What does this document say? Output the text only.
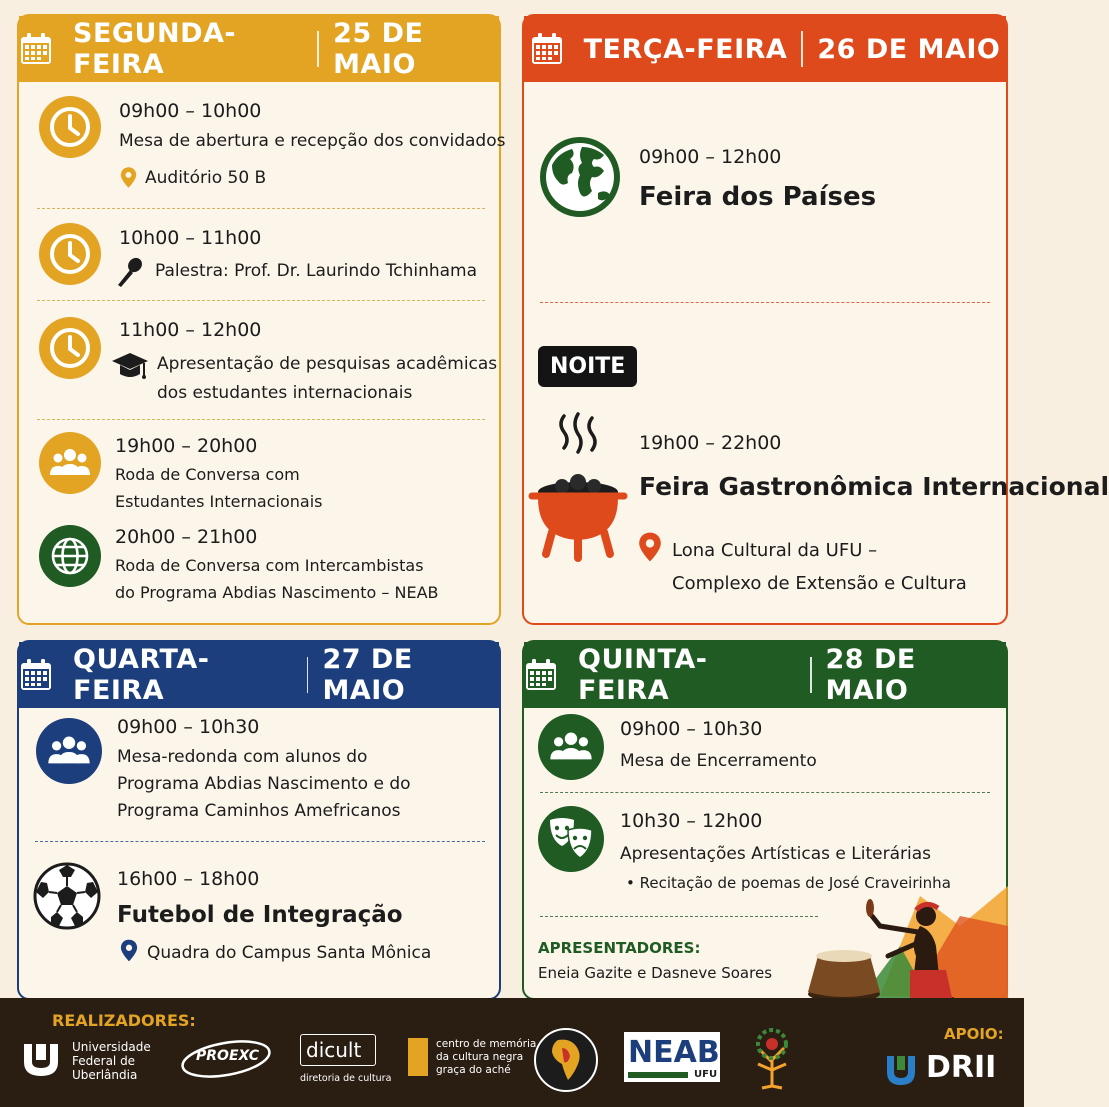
SEGUNDA-FEIRA
25 DE MAIO
09h00 – 10h00
Mesa de abertura e recepção dos convidados
Auditório 50 B
10h00 – 11h00
Palestra: Prof. Dr. Laurindo Tchinhama
11h00 – 12h00
Apresentação de pesquisas acadêmicas
dos estudantes internacionais
19h00 – 20h00
Roda de Conversa com
Estudantes Internacionais
20h00 – 21h00
Roda de Conversa com Intercambistas
do Programa Abdias Nascimento – NEAB
TERÇA-FEIRA 26 DE MAIO
09h00 – 12h00
Feira dos Países
NOITE
19h00 – 22h00
Feira Gastronômica Internacional
Lona Cultural da UFU –
Complexo de Extensão e Cultura
QUARTA-FEIRA
27 DE MAIO
09h00 – 10h30
Mesa-redonda com alunos do
Programa Abdias Nascimento e do
Programa Caminhos Amefricanos
16h00 – 18h00
Futebol de Integração
Quadra do Campus Santa Mônica
QUINTA-FEIRA
28 DE MAIO
09h00 – 10h30
Mesa de Encerramento
10h30 – 12h00
Apresentações Artísticas e Literárias
• Recitação de poemas de José Craveirinha
APRESENTADORES:
Eneia Gazite e Dasneve Soares
REALIZADORES:
Universidade
Federal de
Uberlândia
PROEXC dicult
diretoria de cultura
centro de memória
da cultura negra
graça do aché	NEAB
UFU
APOIO:
DRII
